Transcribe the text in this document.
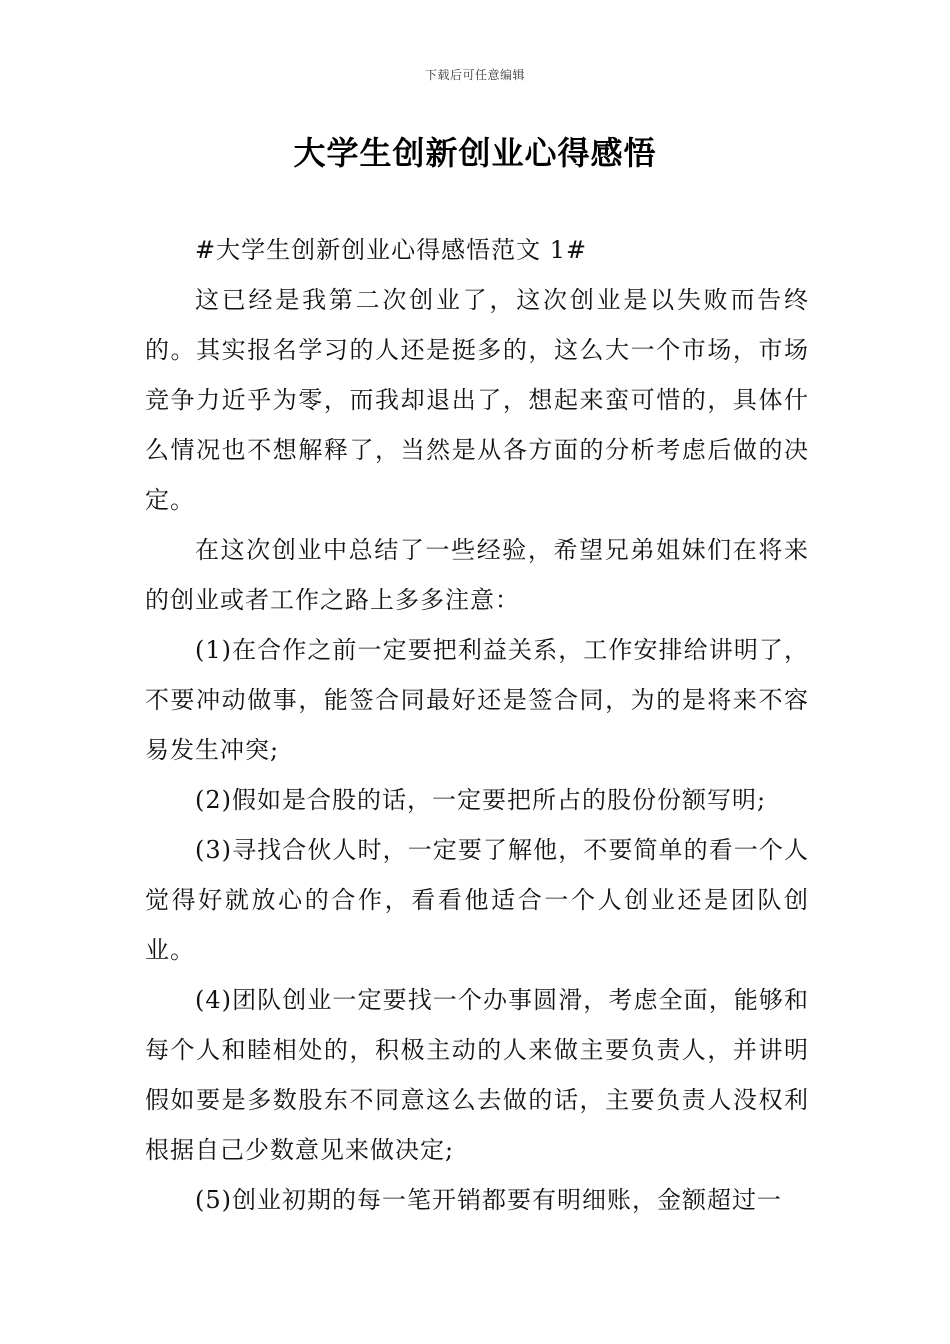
下载后可任意编辑
大学生创新创业心得感悟

#大学生创新创业心得感悟范文 1#

这已经是我第二次创业了，这次创业是以失败而告终的。其实报名学习的人还是挺多的，这么大一个市场，市场竞争力近乎为零，而我却退出了，想起来蛮可惜的，具体什么情况也不想解释了，当然是从各方面的分析考虑后做的决定。

在这次创业中总结了一些经验，希望兄弟姐妹们在将来的创业或者工作之路上多多注意：

(1)在合作之前一定要把利益关系，工作安排给讲明了，不要冲动做事，能签合同最好还是签合同，为的是将来不容易发生冲突;

(2)假如是合股的话，一定要把所占的股份份额写明;

(3)寻找合伙人时，一定要了解他，不要简单的看一个人觉得好就放心的合作，看看他适合一个人创业还是团队创业。

(4)团队创业一定要找一个办事圆滑，考虑全面，能够和每个人和睦相处的，积极主动的人来做主要负责人，并讲明假如要是多数股东不同意这么去做的话，主要负责人没权利根据自己少数意见来做决定;

(5)创业初期的每一笔开销都要有明细账，金额超过一
